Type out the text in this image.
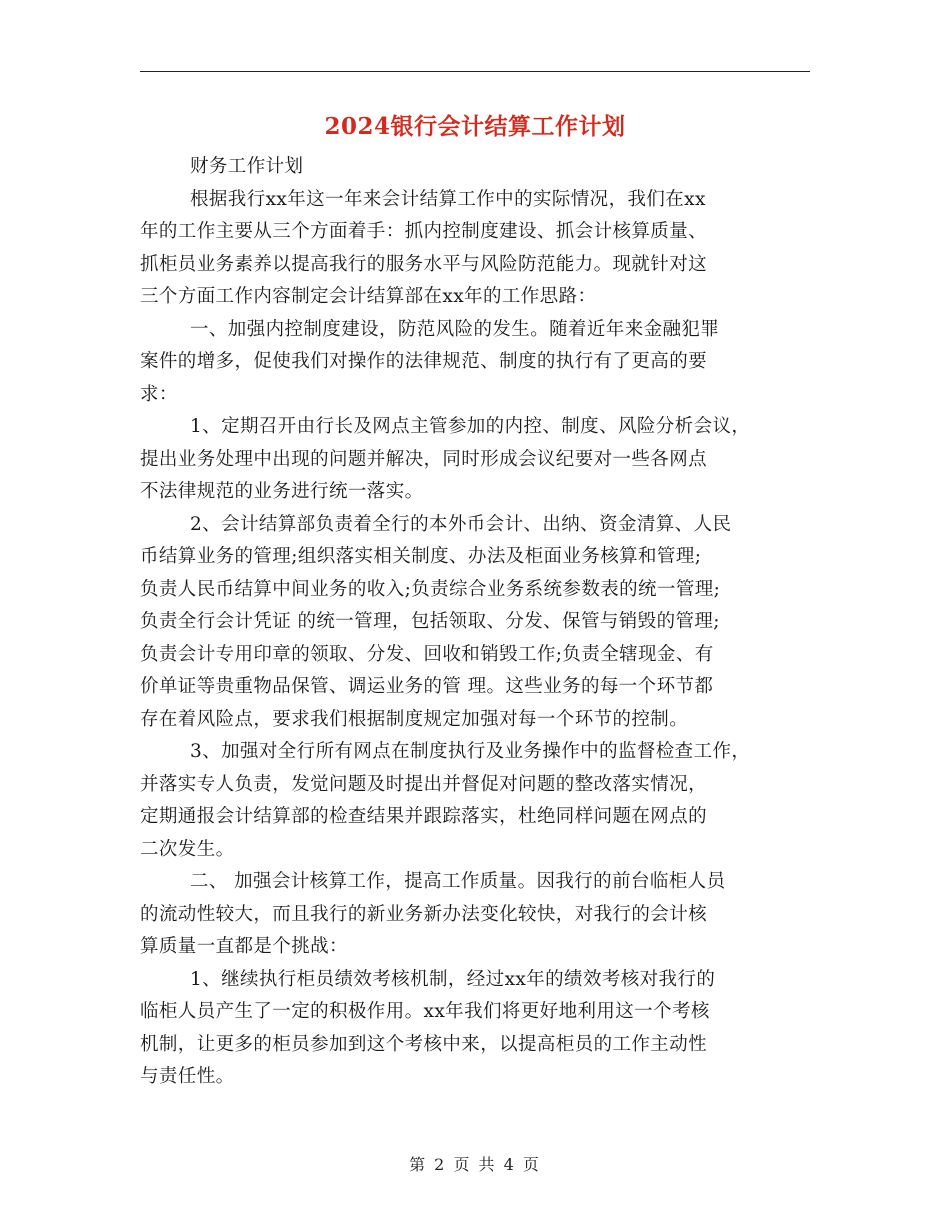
2024银行会计结算工作计划
财务工作计划
根据我行xx年这一年来会计结算工作中的实际情况，我们在xx
年的工作主要从三个方面着手：抓内控制度建设、抓会计核算质量、
抓柜员业务素养以提高我行的服务水平与风险防范能力。现就针对这
三个方面工作内容制定会计结算部在xx年的工作思路：
一、加强内控制度建设，防范风险的发生。随着近年来金融犯罪
案件的增多，促使我们对操作的法律规范、制度的执行有了更高的要
求：
1、定期召开由行长及网点主管参加的内控、制度、风险分析会议，
提出业务处理中出现的问题并解决，同时形成会议纪要对一些各网点
不法律规范的业务进行统一落实。
2、会计结算部负责着全行的本外币会计、出纳、资金清算、人民
币结算业务的管理;组织落实相关制度、办法及柜面业务核算和管理;
负责人民币结算中间业务的收入;负责综合业务系统参数表的统一管理;
负责全行会计凭证 的统一管理，包括领取、分发、保管与销毁的管理;
负责会计专用印章的领取、分发、回收和销毁工作;负责全辖现金、有
价单证等贵重物品保管、调运业务的管 理。这些业务的每一个环节都
存在着风险点，要求我们根据制度规定加强对每一个环节的控制。
3、加强对全行所有网点在制度执行及业务操作中的监督检查工作，
并落实专人负责，发觉问题及时提出并督促对问题的整改落实情况，
定期通报会计结算部的检查结果并跟踪落实，杜绝同样问题在网点的
二次发生。
二、 加强会计核算工作，提高工作质量。因我行的前台临柜人员
的流动性较大，而且我行的新业务新办法变化较快，对我行的会计核
算质量一直都是个挑战：
1、继续执行柜员绩效考核机制，经过xx年的绩效考核对我行的
临柜人员产生了一定的积极作用。xx年我们将更好地利用这一个考核
机制，让更多的柜员参加到这个考核中来，以提高柜员的工作主动性
与责任性。
第 2 页 共 4 页
